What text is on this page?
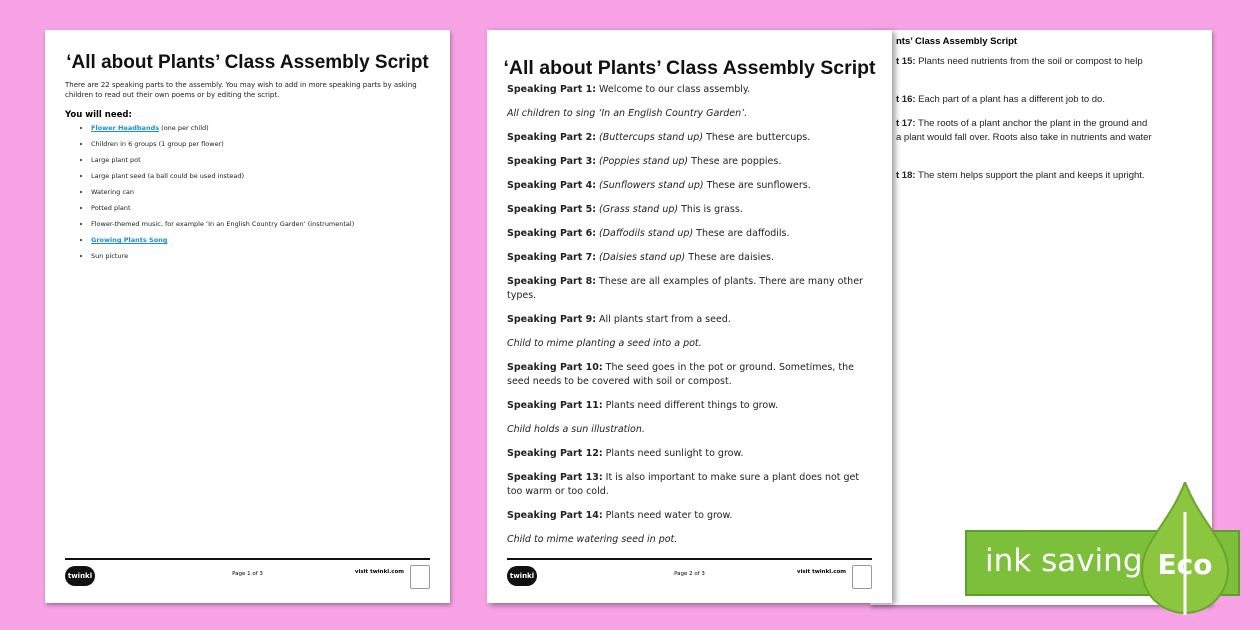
‘All about Plants’ Class Assembly Script
There are 22 speaking parts to the assembly. You may wish to add in more speaking parts by asking children to read out their own poems or by editing the script.
You will need:
• Flower Headbands (one per child)
• Children in 6 groups (1 group per flower)
• Large plant pot
• Large plant seed (a ball could be used instead)
• Watering can
• Potted plant
• Flower-themed music, for example ‘In an English Country Garden’ (instrumental)
• Growing Plants Song
• Sun picture
twinkl	Page 1 of 3	visit twinkl.com
nts’ Class Assembly Script
t 15: Plants need nutrients from the soil or compost to help
t 16: Each part of a plant has a different job to do.
t 17: The roots of a plant anchor the plant in the ground and
a plant would fall over. Roots also take in nutrients and water
t 18: The stem helps support the plant and keeps it upright.
‘All about Plants’ Class Assembly Script
Speaking Part 1: Welcome to our class assembly.
All children to sing ‘In an English Country Garden’.
Speaking Part 2: (Buttercups stand up) These are buttercups.
Speaking Part 3: (Poppies stand up) These are poppies.
Speaking Part 4: (Sunflowers stand up) These are sunflowers.
Speaking Part 5: (Grass stand up) This is grass.
Speaking Part 6: (Daffodils stand up) These are daffodils.
Speaking Part 7: (Daisies stand up) These are daisies.
Speaking Part 8: These are all examples of plants. There are many other types.
Speaking Part 9: All plants start from a seed.
Child to mime planting a seed into a pot.
Speaking Part 10: The seed goes in the pot or ground. Sometimes, the seed needs to be covered with soil or compost.
Speaking Part 11: Plants need different things to grow.
Child holds a sun illustration.
Speaking Part 12: Plants need sunlight to grow.
Speaking Part 13: It is also important to make sure a plant does not get too warm or too cold.
Speaking Part 14: Plants need water to grow.
Child to mime watering seed in pot.
twinkl	Page 2 of 3	visit twinkl.com	ink saving Eco
